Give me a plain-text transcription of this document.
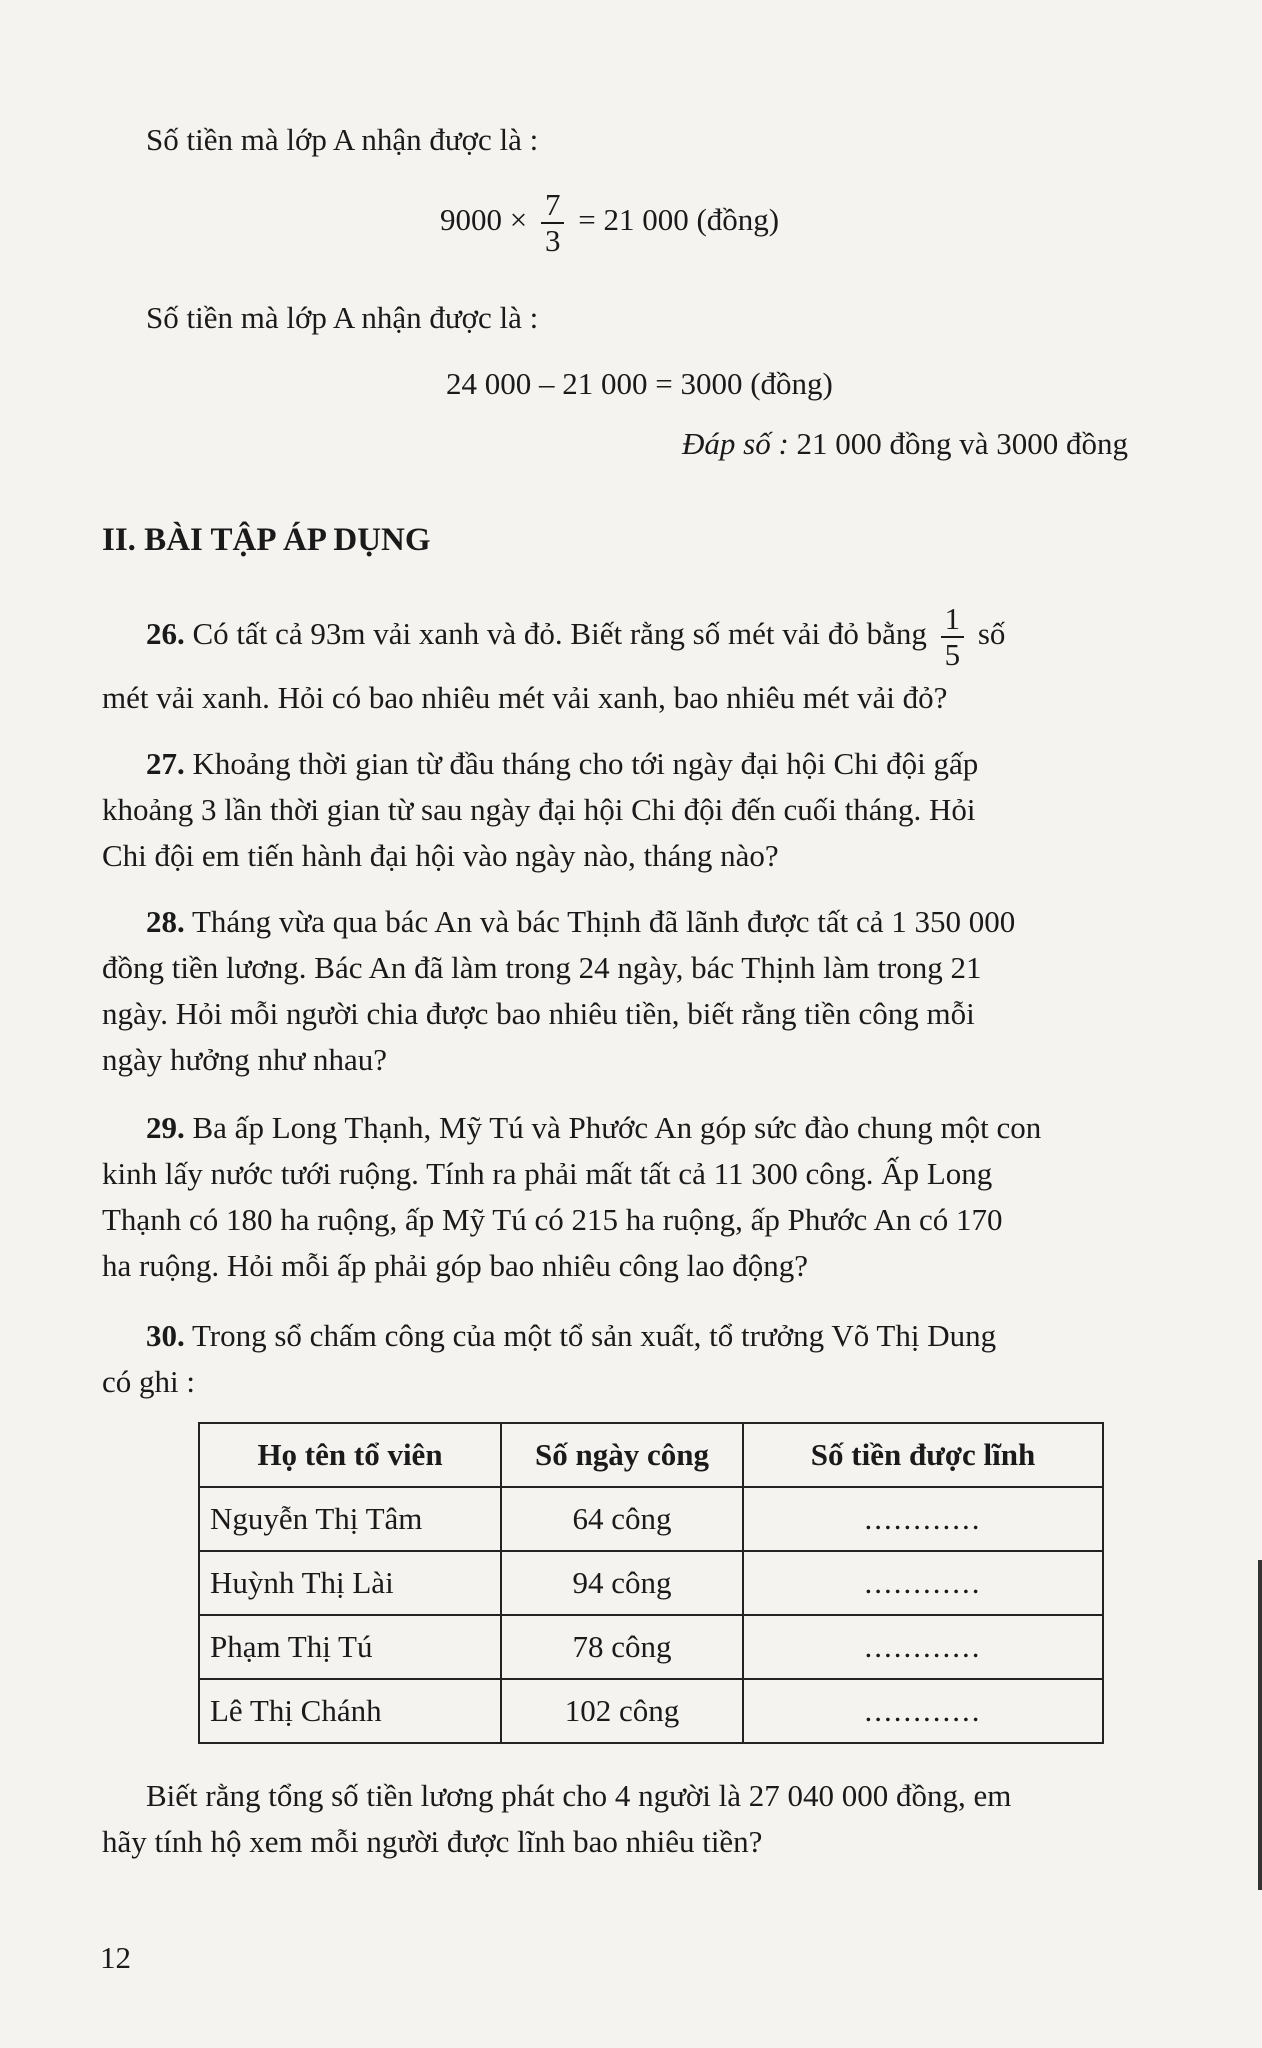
Số tiền mà lớp A nhận được là :
$9000 \times \frac{7}{3} = 21$ 000 (đồng)
Số tiền mà lớp A nhận được là :
24 000 – 21 000 = 3000 (đồng)
Đáp số : 21 000 đồng và 3000 đồng
II. BÀI TẬP ÁP DỤNG
26. Có tất cả 93m vải xanh và đỏ. Biết rằng số mét vải đỏ bằng $\frac{1}{5}$ số
mét vải xanh. Hỏi có bao nhiêu mét vải xanh, bao nhiêu mét vải đỏ?
27. Khoảng thời gian từ đầu tháng cho tới ngày đại hội Chi đội gấp
khoảng 3 lần thời gian từ sau ngày đại hội Chi đội đến cuối tháng. Hỏi
Chi đội em tiến hành đại hội vào ngày nào, tháng nào?
28. Tháng vừa qua bác An và bác Thịnh đã lãnh được tất cả 1 350 000
đồng tiền lương. Bác An đã làm trong 24 ngày, bác Thịnh làm trong 21
ngày. Hỏi mỗi người chia được bao nhiêu tiền, biết rằng tiền công mỗi
ngày hưởng như nhau?
29. Ba ấp Long Thạnh, Mỹ Tú và Phước An góp sức đào chung một con
kinh lấy nước tưới ruộng. Tính ra phải mất tất cả 11 300 công. Ấp Long
Thạnh có 180 ha ruộng, ấp Mỹ Tú có 215 ha ruộng, ấp Phước An có 170
ha ruộng. Hỏi mỗi ấp phải góp bao nhiêu công lao động?
30. Trong sổ chấm công của một tổ sản xuất, tổ trưởng Võ Thị Dung
có ghi :
Họ tên tổ viên	Số ngày công	Số tiền được lĩnh
Nguyễn Thị Tâm	64 công	............
Huỳnh Thị Lài	94 công	............
Phạm Thị Tú	78 công	............
Lê Thị Chánh	102 công	............
Biết rằng tổng số tiền lương phát cho 4 người là 27 040 000 đồng, em
hãy tính hộ xem mỗi người được lĩnh bao nhiêu tiền?
12
